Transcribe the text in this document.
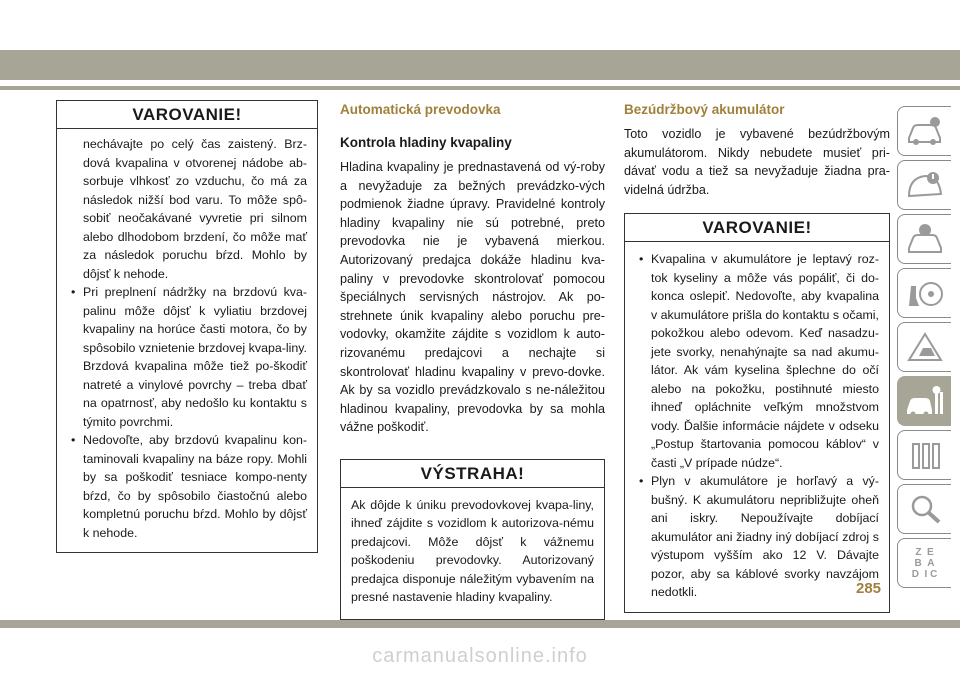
VAROVANIE!

nechávajte po celý čas zaistený. Brz-dová kvapalina v otvorenej nádobe ab-sorbuje vlhkosť zo vzduchu, čo má za následok nižší bod varu. To môže spô-sobiť neočakávané vyvretie pri silnom alebo dlhodobom brzdení, čo môže mať za následok poruchu bŕzd. Mohlo by dôjsť k nehode.

• Pri preplnení nádržky na brzdovú kva-palinu môže dôjsť k vyliatiu brzdovej kvapaliny na horúce časti motora, čo by spôsobilo vznietenie brzdovej kvapa-liny. Brzdová kvapalina môže tiež po-škodiť natreté a vinylové povrchy – treba dbať na opatrnosť, aby nedošlo ku kontaktu s týmito povrchmi.
• Nedovoľte, aby brzdovú kvapalinu kon-taminovali kvapaliny na báze ropy. Mohli by sa poškodiť tesniace kompo-nenty bŕzd, čo by spôsobilo čiastočnú alebo kompletnú poruchu bŕzd. Mohlo by dôjsť k nehode.
Automatická prevodovka
Kontrola hladiny kvapaliny

Hladina kvapaliny je prednastavená od vý-roby a nevyžaduje za bežných prevádzko-vých podmienok žiadne úpravy. Pravidelné kontroly hladiny kvapaliny nie sú potrebné, preto prevodovka nie je vybavená mierkou. Autorizovaný predajca dokáže hladinu kva-paliny v prevodovke skontrolovať pomocou špeciálnych servisných nástrojov. Ak po-strehnete únik kvapaliny alebo poruchu pre-vodovky, okamžite zájdite s vozidlom k auto-rizovanému predajcovi a nechajte si skontrolovať hladinu kvapaliny v prevo-dovke. Ak by sa vozidlo prevádzkovalo s ne-náležitou hladinou kvapaliny, prevodovka by sa mohla vážne poškodiť.

VÝSTRAHA!
Ak dôjde k úniku prevodovkovej kvapa-liny, ihneď zájdite s vozidlom k autorizova-nému predajcovi. Môže dôjsť k vážnemu poškodeniu prevodovky. Autorizovaný predajca disponuje náležitým vybavením na presné nastavenie hladiny kvapaliny.
Bezúdržbový akumulátor

Toto vozidlo je vybavené bezúdržbovým akumulátorom. Nikdy nebudete musieť pri-dávať vodu a tiež sa nevyžaduje žiadna pra-videlná údržba.

VAROVANIE!
• Kvapalina v akumulátore je leptavý roz-tok kyseliny a môže vás popáliť, či do-konca oslepiť. Nedovoľte, aby kvapalina v akumulátore prišla do kontaktu s očami, pokožkou alebo odevom. Keď nasadzu-jete svorky, nenahýnajte sa nad akumu-látor. Ak vám kyselina šplechne do očí alebo na pokožku, postihnuté miesto ihneď opláchnite veľkým množstvom vody. Ďalšie informácie nájdete v odseku „Postup štartovania pomocou káblov“ v časti „V prípade núdze“.
• Plyn v akumulátore je horľavý a vý-bušný. K akumulátoru nepribližujte oheň ani iskry. Nepoužívajte dobíjací akumulátor ani žiadny iný dobíjací zdroj s výstupom vyšším ako 12 V. Dávajte pozor, aby sa káblové svorky navzájom nedotkli.
Z E
B A
D I C
285
carmanualsonline.info
